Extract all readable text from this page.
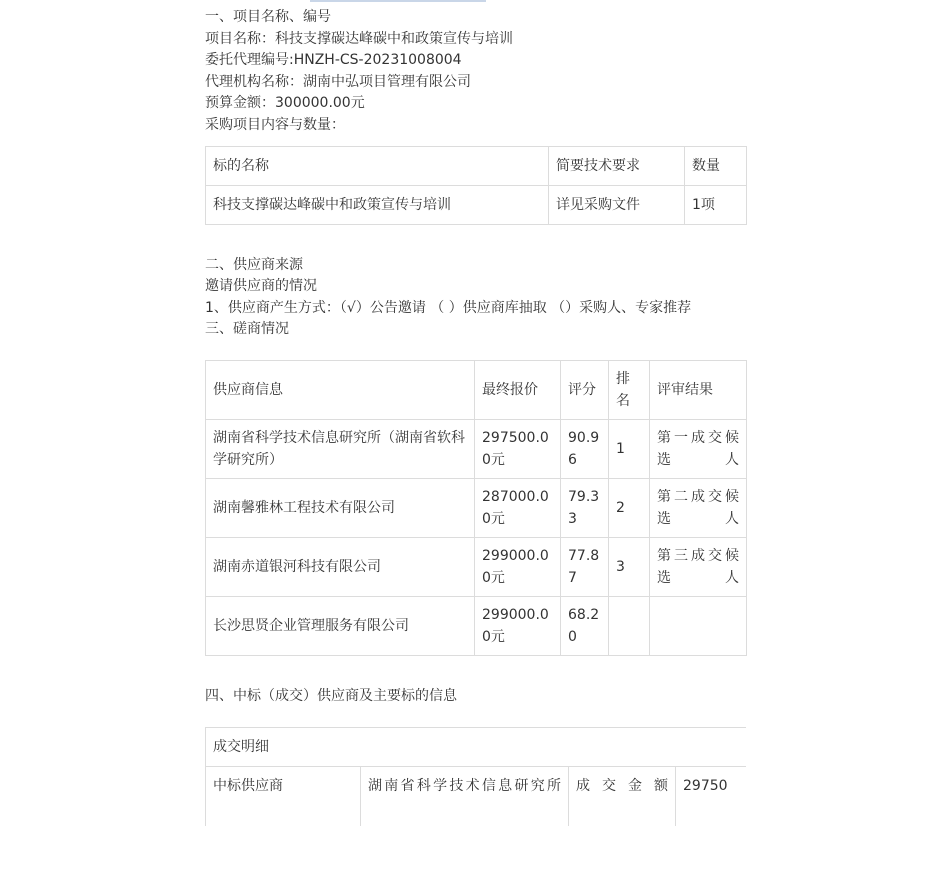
一、项目名称、编号
项目名称：科技支撑碳达峰碳中和政策宣传与培训
委托代理编号:HNZH-CS-20231008004
代理机构名称：湖南中弘项目管理有限公司
预算金额：300000.00元
采购项目内容与数量：
标的名称	简要技术要求	数量
科技支撑碳达峰碳中和政策宣传与培训	详见采购文件	1项
二、供应商来源
邀请供应商的情况
1、供应商产生方式：（√）公告邀请 （ ）供应商库抽取 （）采购人、专家推荐
三、磋商情况
供应商信息	最终报价	评分	排名	评审结果
湖南省科学技术信息研究所（湖南省软科学研究所）	297500.00元	90.96	1	第一成交候选人
湖南馨雅林工程技术有限公司	287000.00元	79.33	2	第二成交候选人
湖南赤道银河科技有限公司	299000.00元	77.87	3	第三成交候选人
长沙思贤企业管理服务有限公司	299000.00元	68.20		
四、中标（成交）供应商及主要标的信息
成交明细
中标供应商	湖南省科学技术信息研究所	成交金额	29750
